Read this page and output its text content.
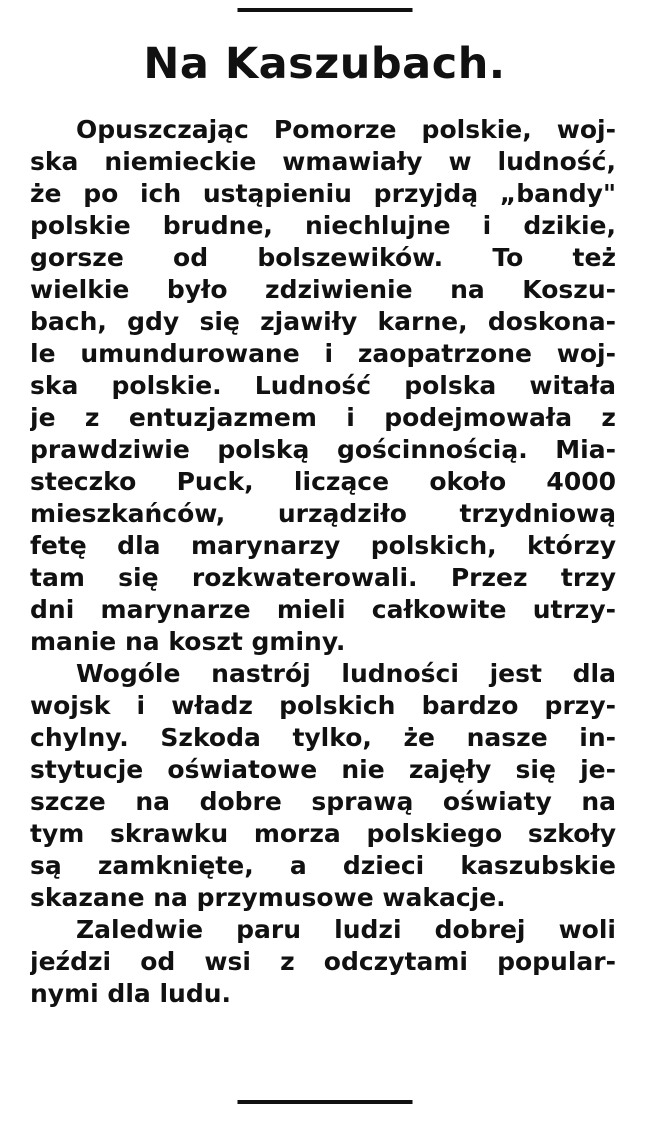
Na Kaszubach.
Opuszczając Pomorze polskie, woj-
ska niemieckie wmawiały w ludność,
że po ich ustąpieniu przyjdą „bandy"
polskie brudne, niechlujne i dzikie,
gorsze od bolszewików. To też
wielkie było zdziwienie na Koszu-
bach, gdy się zjawiły karne, doskona-
le umundurowane i zaopatrzone woj-
ska polskie. Ludność polska witała
je z entuzjazmem i podejmowała z
prawdziwie polską gościnnością. Mia-
steczko Puck, liczące około 4000
mieszkańców, urządziło trzydniową
fetę dla marynarzy polskich, którzy
tam się rozkwaterowali. Przez trzy
dni marynarze mieli całkowite utrzy-
manie na koszt gminy.
Wogóle nastrój ludności jest dla
wojsk i władz polskich bardzo przy-
chylny. Szkoda tylko, że nasze in-
stytucje oświatowe nie zajęły się je-
szcze na dobre sprawą oświaty na
tym skrawku morza polskiego szkoły
są zamknięte, a dzieci kaszubskie
skazane na przymusowe wakacje.
Zaledwie paru ludzi dobrej woli
jeździ od wsi z odczytami popular-
nymi dla ludu.
